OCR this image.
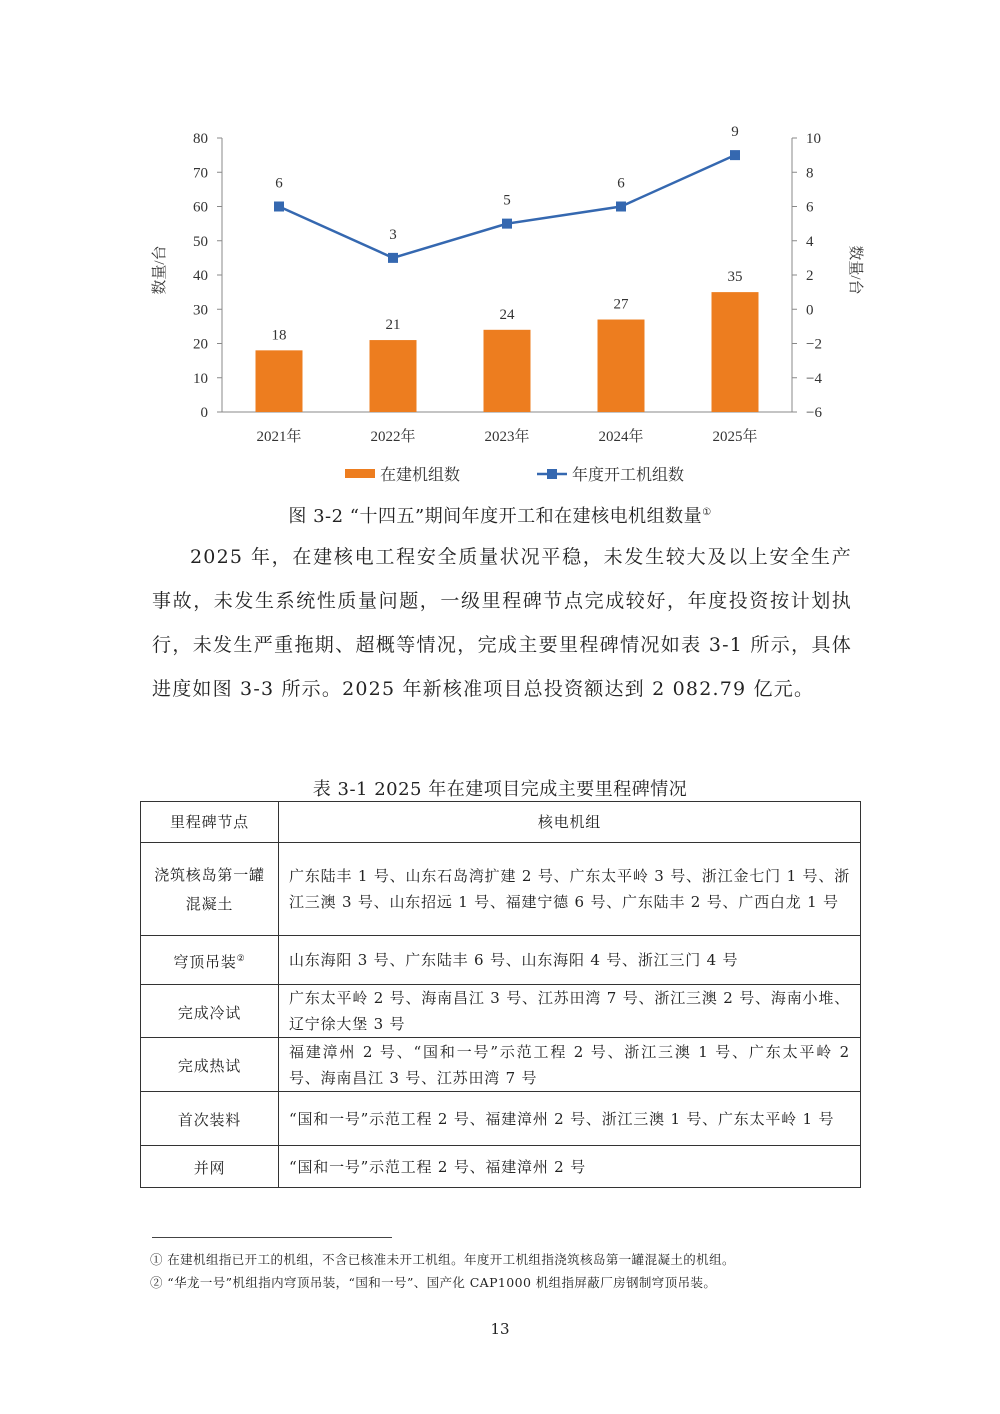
0
10
20
30
40
50
60
70
80
−6
−4
−2
0
2
4
6
8
10
2021年	2022年	2023年	2024年	2025年
18
21
24
27
35
6
3
5
6
9
在建机组数	年度开工机组数
数量/台	数量/台
图 3-2 “十四五”期间年度开工和在建核电机组数量①

2025 年，在建核电工程安全质量状况平稳，未发生较大及以上安全生产事故，未发生系统性质量问题，一级里程碑节点完成较好，年度投资按计划执行，未发生严重拖期、超概等情况，完成主要里程碑情况如表 3-1 所示，具体进度如图 3-3 所示。2025 年新核准项目总投资额达到 2 082.79 亿元。

表 3-1 2025 年在建项目完成主要里程碑情况
里程碑节点	核电机组
浇筑核岛第一罐混凝土	广东陆丰 1 号、山东石岛湾扩建 2 号、广东太平岭 3 号、浙江金七门 1 号、浙江三澳 3 号、山东招远 1 号、福建宁德 6 号、广东陆丰 2 号、广西白龙 1 号
穹顶吊装②	山东海阳 3 号、广东陆丰 6 号、山东海阳 4 号、浙江三门 4 号
完成冷试	广东太平岭 2 号、海南昌江 3 号、江苏田湾 7 号、浙江三澳 2 号、海南小堆、辽宁徐大堡 3 号
完成热试	福建漳州 2 号、“国和一号”示范工程 2 号、浙江三澳 1 号、广东太平岭 2 号、海南昌江 3 号、江苏田湾 7 号
首次装料	“国和一号”示范工程 2 号、福建漳州 2 号、浙江三澳 1 号、广东太平岭 1 号
并网	“国和一号”示范工程 2 号、福建漳州 2 号
① 在建机组指已开工的机组，不含已核准未开工机组。年度开工机组指浇筑核岛第一罐混凝土的机组。
② “华龙一号”机组指内穹顶吊装，“国和一号”、国产化 CAP1000 机组指屏蔽厂房钢制穹顶吊装。
13
